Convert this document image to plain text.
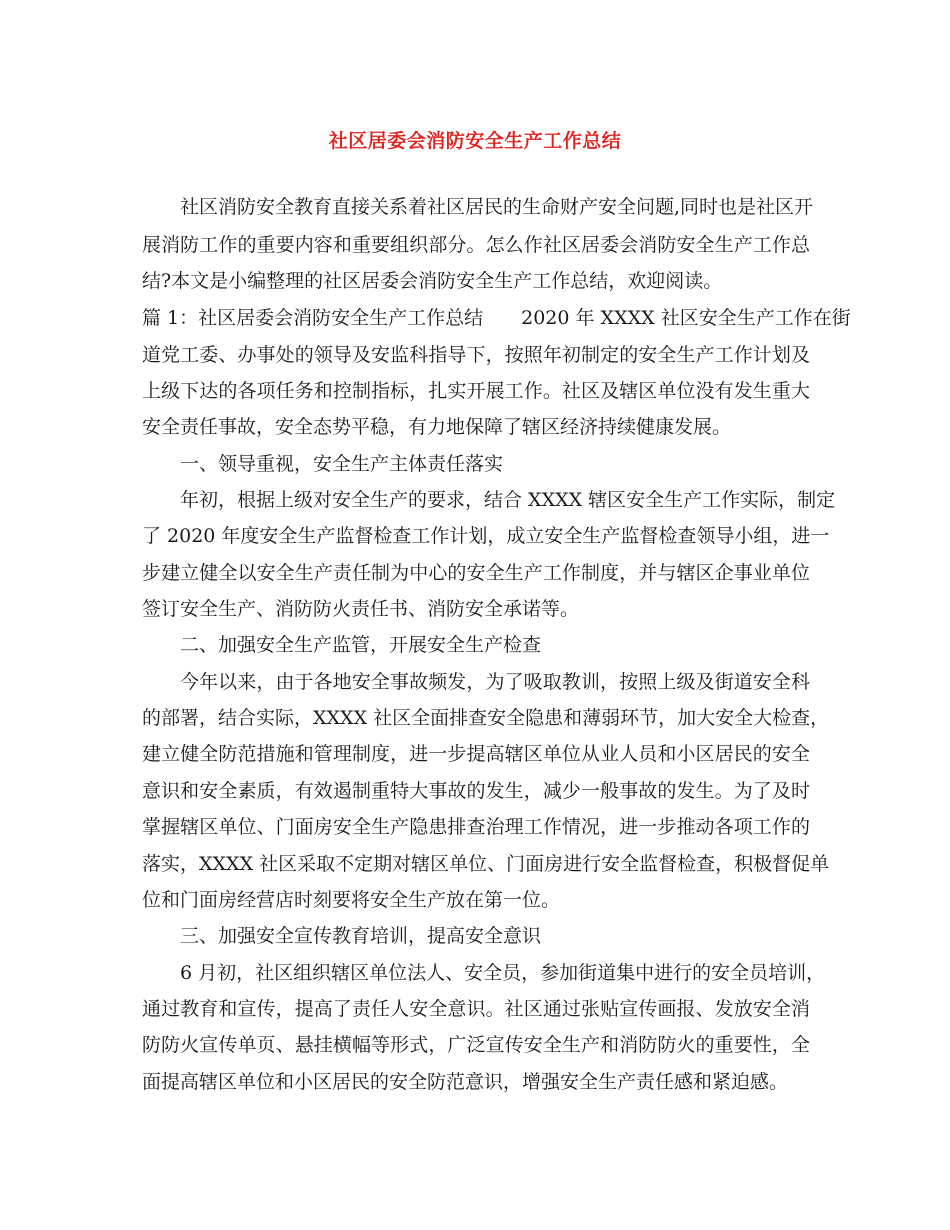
社区居委会消防安全生产工作总结
社区消防安全教育直接关系着社区居民的生命财产安全问题,同时也是社区开
展消防工作的重要内容和重要组织部分。怎么作社区居委会消防安全生产工作总
结?本文是小编整理的社区居委会消防安全生产工作总结，欢迎阅读。
篇 1：社区居委会消防安全生产工作总结　　2020 年 XXXX 社区安全生产工作在街
道党工委、办事处的领导及安监科指导下，按照年初制定的安全生产工作计划及
上级下达的各项任务和控制指标，扎实开展工作。社区及辖区单位没有发生重大
安全责任事故，安全态势平稳，有力地保障了辖区经济持续健康发展。
一、领导重视，安全生产主体责任落实
年初，根据上级对安全生产的要求，结合 XXXX 辖区安全生产工作实际，制定
了 2020 年度安全生产监督检查工作计划，成立安全生产监督检查领导小组，进一
步建立健全以安全生产责任制为中心的安全生产工作制度，并与辖区企事业单位
签订安全生产、消防防火责任书、消防安全承诺等。
二、加强安全生产监管，开展安全生产检查
今年以来，由于各地安全事故频发，为了吸取教训，按照上级及街道安全科
的部署，结合实际，XXXX 社区全面排查安全隐患和薄弱环节，加大安全大检查，
建立健全防范措施和管理制度，进一步提高辖区单位从业人员和小区居民的安全
意识和安全素质，有效遏制重特大事故的发生，减少一般事故的发生。为了及时
掌握辖区单位、门面房安全生产隐患排查治理工作情况，进一步推动各项工作的
落实，XXXX 社区采取不定期对辖区单位、门面房进行安全监督检查，积极督促单
位和门面房经营店时刻要将安全生产放在第一位。
三、加强安全宣传教育培训，提高安全意识
6 月初，社区组织辖区单位法人、安全员，参加街道集中进行的安全员培训，
通过教育和宣传，提高了责任人安全意识。社区通过张贴宣传画报、发放安全消
防防火宣传单页、悬挂横幅等形式，广泛宣传安全生产和消防防火的重要性，全
面提高辖区单位和小区居民的安全防范意识，增强安全生产责任感和紧迫感。
